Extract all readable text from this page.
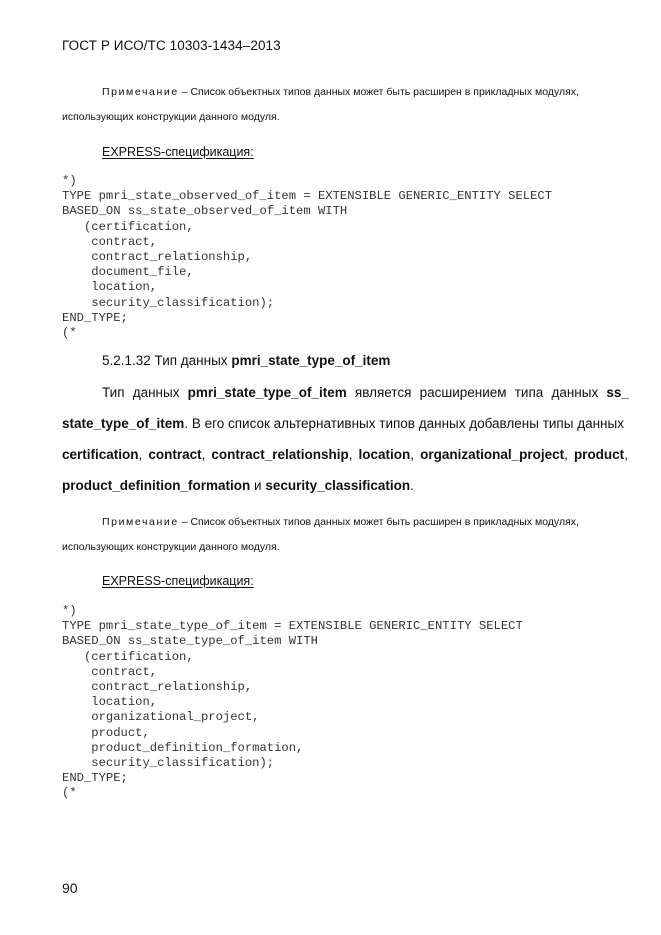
ГОСТ Р ИСО/ТС 10303-1434–2013
Примечание – Список объектных типов данных может быть расширен в прикладных модулях,
использующих конструкции данного модуля.
EXPRESS-спецификация:
*)
TYPE pmri_state_observed_of_item = EXTENSIBLE GENERIC_ENTITY SELECT
BASED_ON ss_state_observed_of_item WITH
(certification,
contract,
contract_relationship,
document_file,
location,
security_classification);
END_TYPE;
(*
5.2.1.32 Тип данных pmri_state_type_of_item
Тип данных pmri_state_type_of_item является расширением типа данных ss_
state_type_of_item . В его список альтернативных типов данных добавлены типы данных
certification, contract, contract_relationship, location, organizational_project, product,
product_definition_formation
и
security_classification .
Примечание – Список объектных типов данных может быть расширен в прикладных модулях,
использующих конструкции данного модуля.
EXPRESS-спецификация:
*)
TYPE pmri_state_type_of_item = EXTENSIBLE GENERIC_ENTITY SELECT
BASED_ON ss_state_type_of_item WITH
(certification,
contract,
contract_relationship,
location,
organizational_project,
product,
product_definition_formation,
security_classification);
END_TYPE;
(*
90
